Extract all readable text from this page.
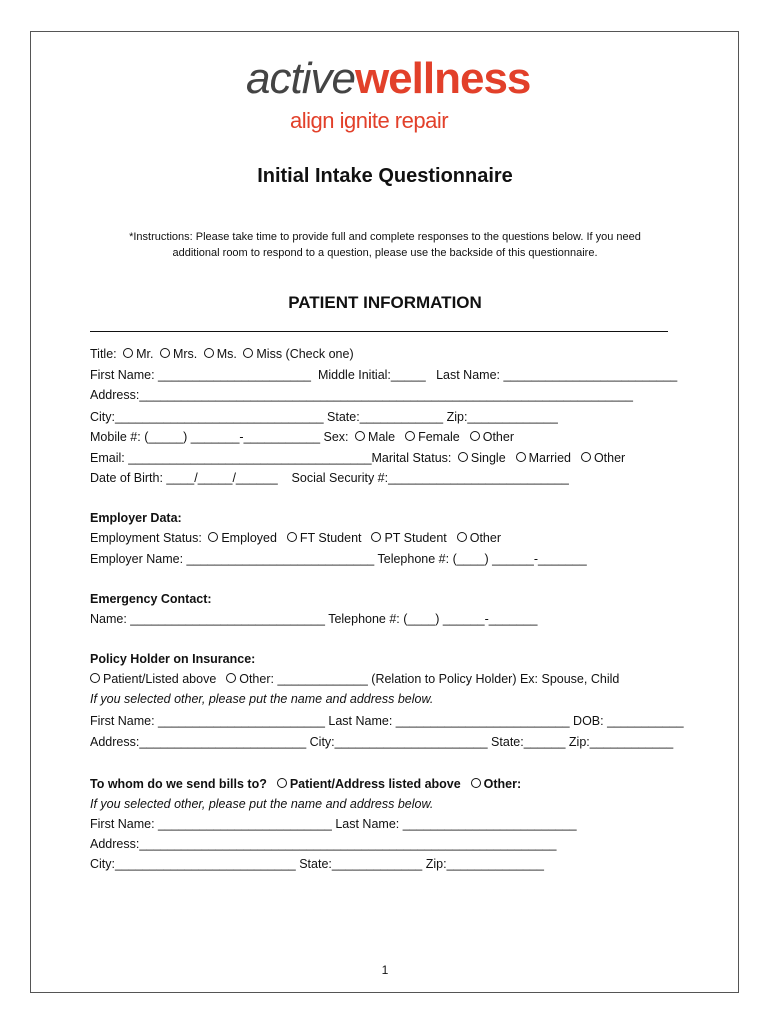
activewellness
align ignite repair
Initial Intake Questionnaire
*Instructions: Please take time to provide full and complete responses to the questions below. If you need
additional room to respond to a question, please use the backside of this questionnaire.
PATIENT INFORMATION
Title: Mr. Mrs. Ms. Miss (Check one)
First Name: ______________________  Middle Initial:_____   Last Name: _________________________
Address:_______________________________________________________________________
City:______________________________ State:____________ Zip:_____________
Mobile #: (_____) _______-___________ Sex: Male Female Other
Email: ___________________________________Marital Status: Single Married Other
Date of Birth: ____/_____/______    Social Security #:__________________________
Employer Data:
Employment Status: Employed FT Student PT Student Other
Employer Name: ___________________________ Telephone #: (____) ______-_______
Emergency Contact:
Name: ____________________________ Telephone #: (____) ______-_______
Policy Holder on Insurance:
Patient/Listed above Other: _____________ (Relation to Policy Holder) Ex: Spouse, Child
If you selected other, please put the name and address below.
First Name: ________________________ Last Name: _________________________ DOB: ___________
Address:________________________ City:______________________ State:______ Zip:____________
To whom do we send bills to? Patient/Address listed above Other:
If you selected other, please put the name and address below.
First Name: _________________________ Last Name: _________________________
Address:____________________________________________________________
City:__________________________ State:_____________ Zip:______________
1
